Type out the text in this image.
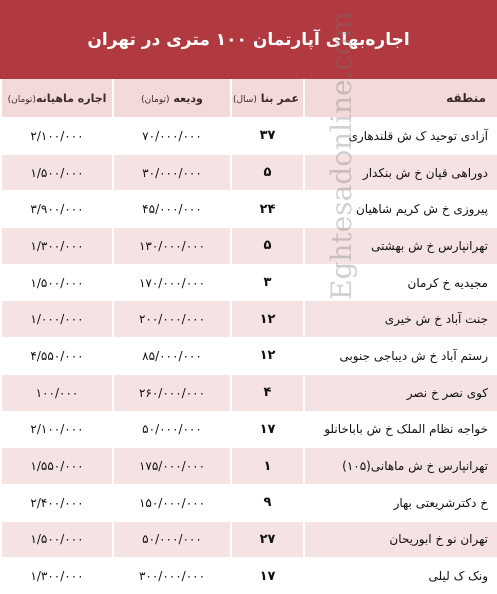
اجاره‌بهای آپارتمان ۱۰۰ متری در تهران
منطقه	عمر بنا (سال)	ودیعه (تومان)	اجاره ماهیانه(تومان)
آزادی توحید ک ش قلندهاری	۳۷	۷۰/۰۰۰/۰۰۰	۲/۱۰۰/۰۰۰
دوراهی قپان خ ش بنکدار	۵	۳۰/۰۰۰/۰۰۰	۱/۵۰۰/۰۰۰
پیروزی خ ش کریم شاهیان	۲۴	۴۵/۰۰۰/۰۰۰	۳/۹۰۰/۰۰۰
تهرانپارس خ ش بهشتی	۵	۱۳۰/۰۰۰/۰۰۰	۱/۳۰۰/۰۰۰
مجیدیه خ کرمان	۳	۱۷۰/۰۰۰/۰۰۰	۱/۵۰۰/۰۰۰
جنت آباد خ ش خیری	۱۲	۲۰۰/۰۰۰/۰۰۰	۱/۰۰۰/۰۰۰
رستم آباد خ ش دیباجی جنوبی	۱۲	۸۵/۰۰۰/۰۰۰	۴/۵۵۰/۰۰۰
کوی نصر خ نصر	۴	۲۶۰/۰۰۰/۰۰۰	۱۰۰/۰۰۰
خواجه نظام الملک خ ش باباخانلو	۱۷	۵۰/۰۰۰/۰۰۰	۲/۱۰۰/۰۰۰
تهرانپارس خ ش ماهانی(۱۰۵)	۱	۱۷۵/۰۰۰/۰۰۰	۱/۵۵۰/۰۰۰
خ دکترشریعتی بهار	۹	۱۵۰/۰۰۰/۰۰۰	۲/۴۰۰/۰۰۰
تهران نو خ ابوریحان	۲۷	۵۰/۰۰۰/۰۰۰	۱/۵۰۰/۰۰۰
ونک ک لیلی	۱۷	۳۰۰/۰۰۰/۰۰۰	۱/۳۰۰/۰۰۰
Eghtesadonline.com
